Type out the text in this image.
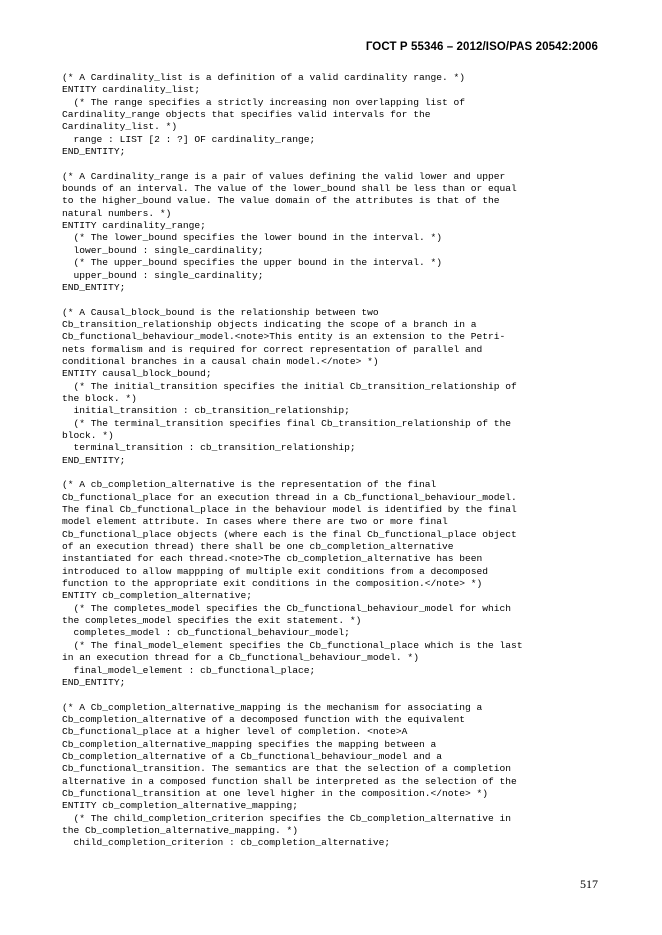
ГОСТ Р 55346 – 2012/ISO/PAS 20542:2006
(* A Cardinality_list is a definition of a valid cardinality range. *)
ENTITY cardinality_list;
(* The range specifies a strictly increasing non overlapping list of
Cardinality_range objects that specifies valid intervals for the
Cardinality_list. *)
range : LIST [2 : ?] OF cardinality_range;
END_ENTITY;

(* A Cardinality_range is a pair of values defining the valid lower and upper
bounds of an interval. The value of the lower_bound shall be less than or equal
to the higher_bound value. The value domain of the attributes is that of the
natural numbers. *)
ENTITY cardinality_range;
(* The lower_bound specifies the lower bound in the interval. *)
lower_bound : single_cardinality;
(* The upper_bound specifies the upper bound in the interval. *)
upper_bound : single_cardinality;
END_ENTITY;

(* A Causal_block_bound is the relationship between two
Cb_transition_relationship objects indicating the scope of a branch in a
Cb_functional_behaviour_model.<note>This entity is an extension to the Petri-
nets formalism and is required for correct representation of parallel and
conditional branches in a causal chain model.</note> *)
ENTITY causal_block_bound;
(* The initial_transition specifies the initial Cb_transition_relationship of
the block. *)
initial_transition : cb_transition_relationship;
(* The terminal_transition specifies final Cb_transition_relationship of the
block. *)
terminal_transition : cb_transition_relationship;
END_ENTITY;

(* A cb_completion_alternative is the representation of the final
Cb_functional_place for an execution thread in a Cb_functional_behaviour_model.
The final Cb_functional_place in the behaviour model is identified by the final
model element attribute. In cases where there are two or more final
Cb_functional_place objects (where each is the final Cb_functional_place object
of an execution thread) there shall be one cb_completion_alternative
instantiated for each thread.<note>The cb_completion_alternative has been
introduced to allow mappping of multiple exit conditions from a decomposed
function to the appropriate exit conditions in the composition.</note> *)
ENTITY cb_completion_alternative;
(* The completes_model specifies the Cb_functional_behaviour_model for which
the completes_model specifies the exit statement. *)
completes_model : cb_functional_behaviour_model;
(* The final_model_element specifies the Cb_functional_place which is the last
in an execution thread for a Cb_functional_behaviour_model. *)
final_model_element : cb_functional_place;
END_ENTITY;

(* A Cb_completion_alternative_mapping is the mechanism for associating a
Cb_completion_alternative of a decomposed function with the equivalent
Cb_functional_place at a higher level of completion. <note>A
Cb_completion_alternative_mapping specifies the mapping between a
Cb_completion_alternative of a Cb_functional_behaviour_model and a
Cb_functional_transition. The semantics are that the selection of a completion
alternative in a composed function shall be interpreted as the selection of the
Cb_functional_transition at one level higher in the composition.</note> *)
ENTITY cb_completion_alternative_mapping;
(* The child_completion_criterion specifies the Cb_completion_alternative in
the Cb_completion_alternative_mapping. *)
child_completion_criterion : cb_completion_alternative;
517
